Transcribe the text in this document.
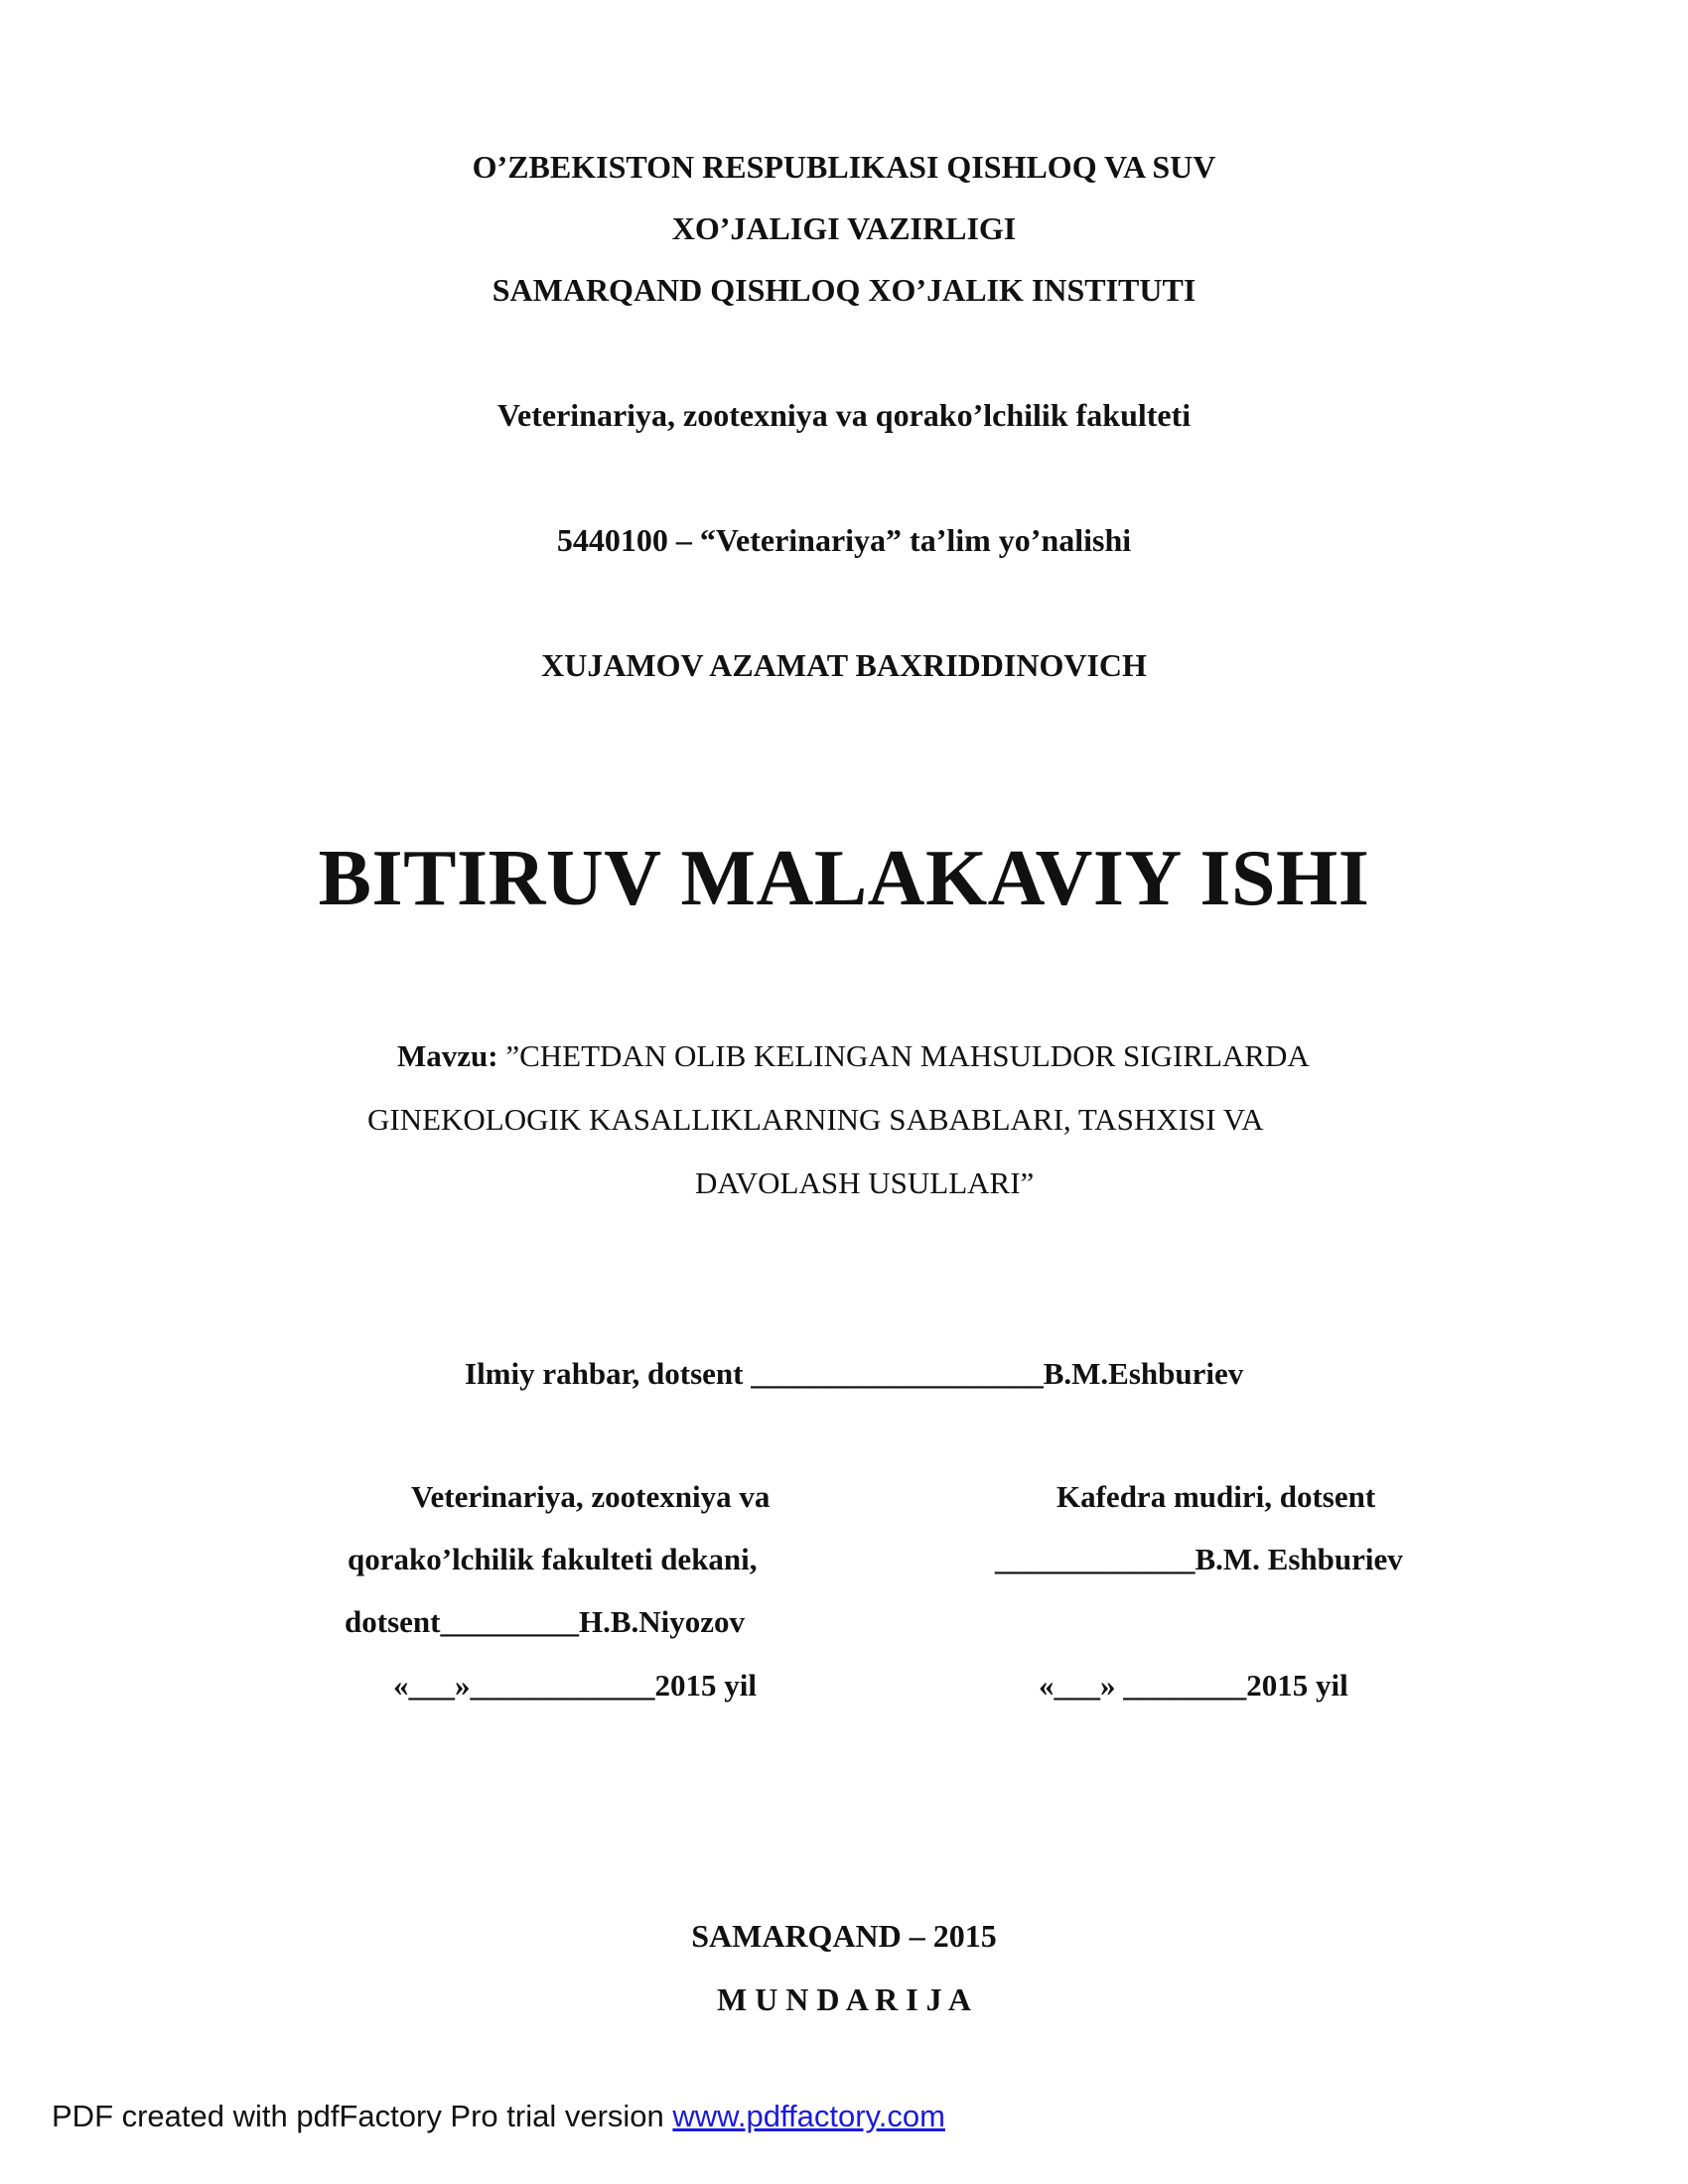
O’ZBEKISTON RESPUBLIKASI QISHLOQ VA SUV
XO’JALIGI VAZIRLIGI
SAMARQAND QISHLOQ XO’JALIK INSTITUTI
Veterinariya, zootexniya va qorako’lchilik fakulteti
5440100 – “Veterinariya” ta’lim yo’nalishi
XUJAMOV AZAMAT BAXRIDDINOVICH
BITIRUV MALAKAVIY ISHI
Mavzu: ”CHETDAN OLIB KELINGAN MAHSULDOR SIGIRLARDA
GINEKOLOGIK KASALLIKLARNING SABABLARI, TASHXISI VA
DAVOLASH USULLARI”
Ilmiy rahbar, dotsent ___________________B.M.Eshburiev
Veterinariya, zootexniya va
qorako’lchilik fakulteti dekani,
dotsent_________H.B.Niyozov
«___»____________2015 yil
Kafedra mudiri, dotsent
_____________B.M. Eshburiev
«___» ________2015 yil
SAMARQAND – 2015
M U N D A R I J A
PDF created with pdfFactory Pro trial version www.pdffactory.com
